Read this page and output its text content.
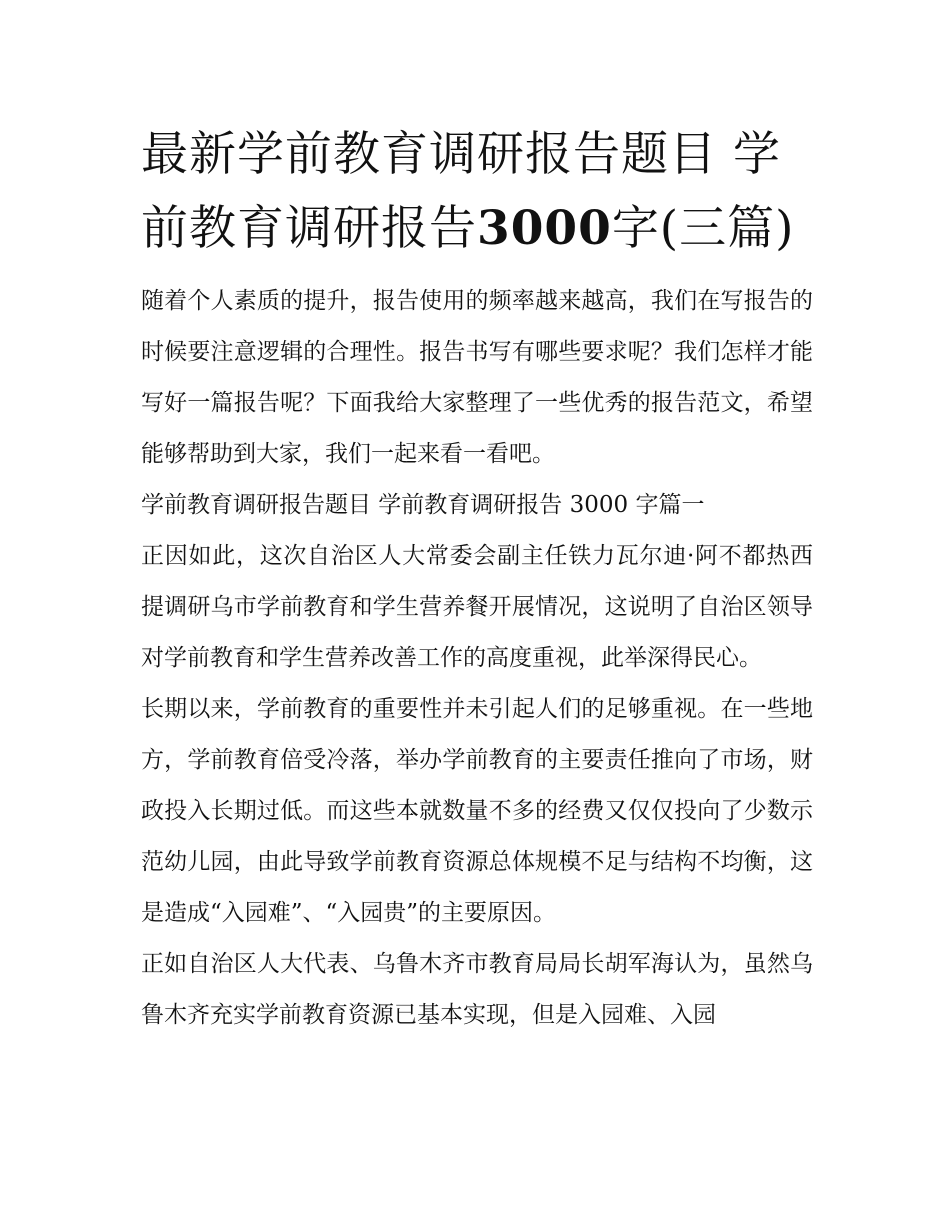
最新学前教育调研报告题目 学前教育调研报告3000字(三篇)

随着个人素质的提升，报告使用的频率越来越高，我们在写报告的时候要注意逻辑的合理性。报告书写有哪些要求呢？我们怎样才能写好一篇报告呢？下面我给大家整理了一些优秀的报告范文，希望能够帮助到大家，我们一起来看一看吧。

学前教育调研报告题目 学前教育调研报告 3000 字篇一

正因如此，这次自治区人大常委会副主任铁力瓦尔迪·阿不都热西提调研乌市学前教育和学生营养餐开展情况，这说明了自治区领导对学前教育和学生营养改善工作的高度重视，此举深得民心。

长期以来，学前教育的重要性并未引起人们的足够重视。在一些地方，学前教育倍受冷落，举办学前教育的主要责任推向了市场，财政投入长期过低。而这些本就数量不多的经费又仅仅投向了少数示范幼儿园，由此导致学前教育资源总体规模不足与结构不均衡，这是造成“入园难”、“入园贵”的主要原因。

正如自治区人大代表、乌鲁木齐市教育局局长胡军海认为，虽然乌鲁木齐充实学前教育资源已基本实现，但是入园难、入园
